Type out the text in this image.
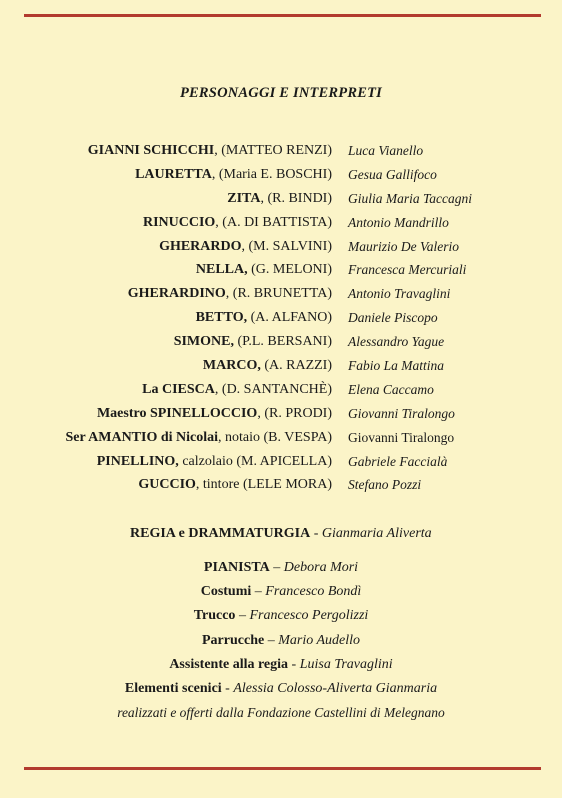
PERSONAGGI E INTERPRETI
GIANNI SCHICCHI, (MATTEO RENZI) Luca Vianello
LAURETTA, (Maria E. BOSCHI) Gesua Gallifoco
ZITA, (R. BINDI) Giulia Maria Taccagni
RINUCCIO, (A. DI BATTISTA) Antonio Mandrillo
GHERARDO, (M. SALVINI) Maurizio De Valerio
NELLA, (G. MELONI) Francesca Mercuriali
GHERARDINO, (R. BRUNETTA) Antonio Travaglini
BETTO, (A. ALFANO) Daniele Piscopo
SIMONE, (P.L. BERSANI) Alessandro Yague
MARCO, (A. RAZZI) Fabio La Mattina
La CIESCA, (D. SANTANCHÈ) Elena Caccamo
Maestro SPINELLOCCIO, (R. PRODI) Giovanni Tiralongo
Ser AMANTIO di Nicolai, notaio (B. VESPA) Giovanni Tiralongo
PINELLINO, calzolaio (M. APICELLA) Gabriele Faccialà
GUCCIO, tintore (LELE MORA) Stefano Pozzi
REGIA e DRAMMATURGIA - Gianmaria Aliverta
PIANISTA – Debora Mori
Costumi – Francesco Bondì
Trucco – Francesco Pergolizzi
Parrucche – Mario Audello
Assistente alla regia - Luisa Travaglini
Elementi scenici - Alessia Colosso-Aliverta Gianmaria
realizzati e offerti dalla Fondazione Castellini di Melegnano
